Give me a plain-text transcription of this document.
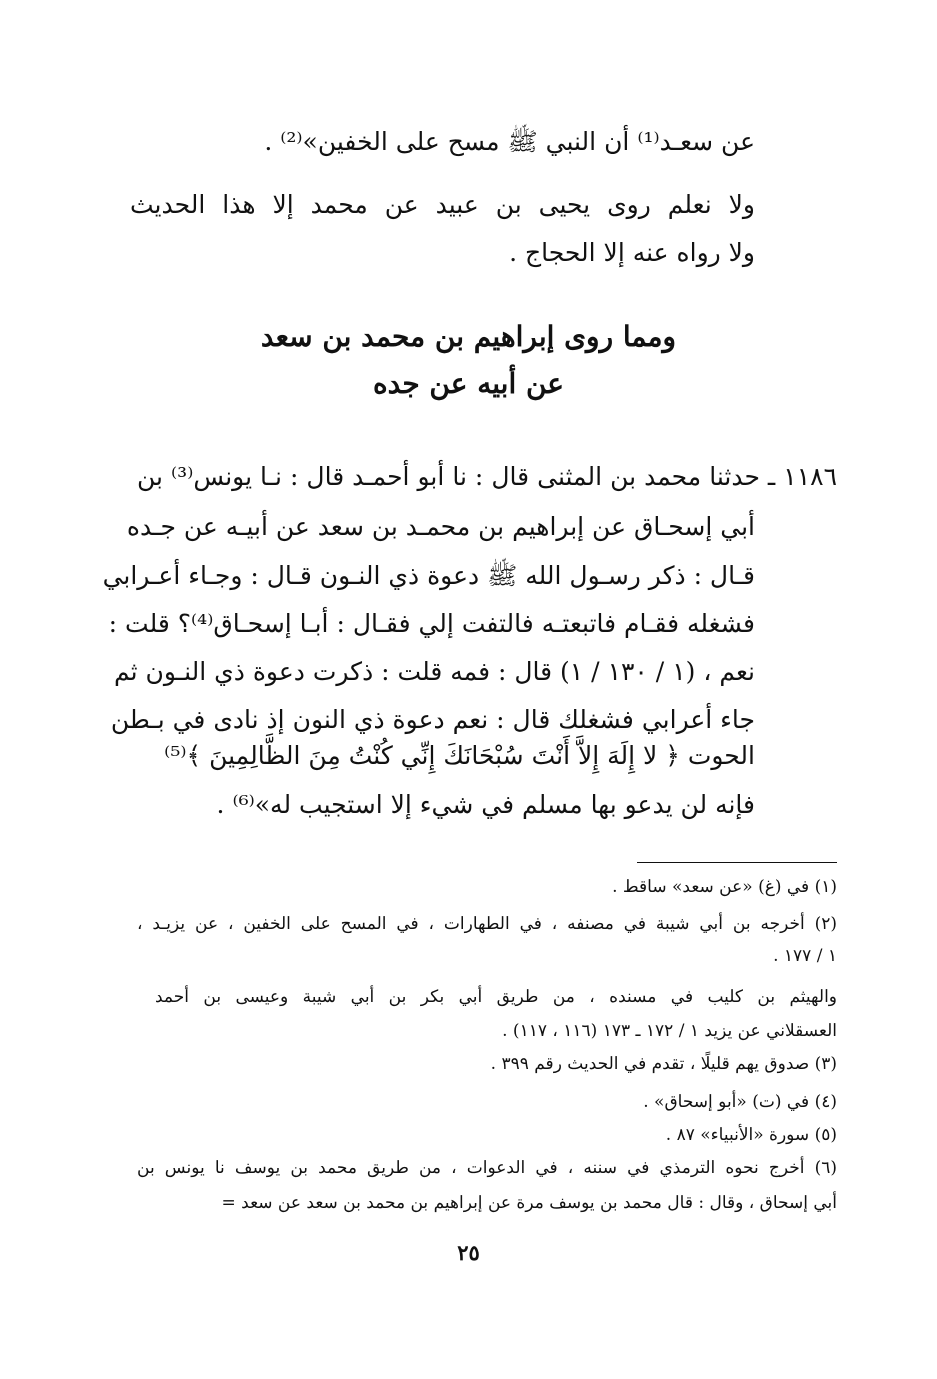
عن سعـد⁽¹⁾ أن النبي ﷺ مسح على الخفين»⁽²⁾ .
ولا نعلم روى يحيى بن عبيد عن محمد إلا هذا الحديث
ولا رواه عنه إلا الحجاج .
ومما روى إبراهيم بن محمد بن سعد
عن أبيه عن جده
١١٨٦ ـ حدثنا محمد بن المثنى قال : نا أبو أحمـد قال : نـا يونس⁽³⁾ بن
أبي إسحـاق عن إبراهيم بن محمـد بن سعد عن أبيـه عن جـده
قـال : ذكر رسـول الله ﷺ دعوة ذي النـون قـال : وجـاء أعـرابي
فشغله فقـام فاتبعتـه فالتفت إلي فقـال : أبـا إسحـاق⁽⁴⁾؟ قلت :
نعم ، (١ / ١٣٠ / ١) قال : فمه قلت : ذكرت دعوة ذي النـون ثم
جاء أعرابي فشغلك قال : نعم دعوة ذي النون إذ نادى في بـطن
الحوت ﴿ لا إِلَهَ إِلاَّ أَنْتَ سُبْحَانَكَ إِنِّي كُنْتُ مِنَ الظَّالِمِينَ ﴾⁽⁵⁾
فإنه لن يدعو بها مسلم في شيء إلا استجيب له»⁽⁶⁾ .
(١) في (غ) «عن سعد» ساقط .
(٢) أخرجه بن أبي شيبة في مصنفه ، في الطهارات ، في المسح على الخفين ، عن يزيـد ،
١ / ١٧٧ .
والهيثم بن كليب في مسنده ، من طريق أبي بكر بن أبي شيبة وعيسى بن أحمد
العسقلاني عن يزيد ١ / ١٧٢ ـ ١٧٣ (١١٦ ، ١١٧) .
(٣) صدوق يهم قليلًا ، تقدم في الحديث رقم ٣٩٩ .
(٤) في (ت) «أبو إسحاق» .
(٥) سورة «الأنبياء» ٨٧ .
(٦) أخرج نحوه الترمذي في سننه ، في الدعوات ، من طريق محمد بن يوسف نا يونس بن
أبي إسحاق ، وقال : قال محمد بن يوسف مرة عن إبراهيم بن محمد بن سعد عن سعد =
٢٥
